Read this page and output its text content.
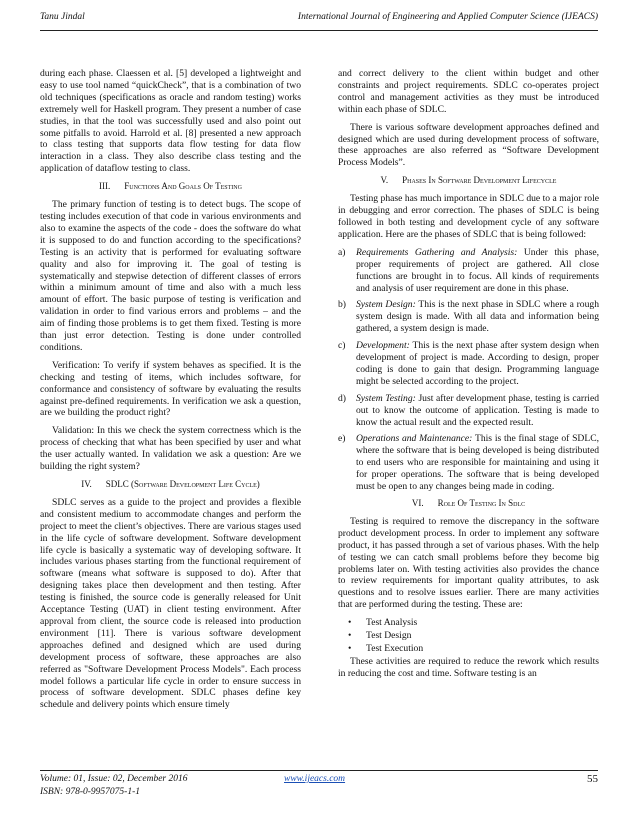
Tanu Jindal	International Journal of Engineering and Applied Computer Science (IJEACS)

during each phase. Claessen et al. [5] developed a lightweight and easy to use tool named “quickCheck”, that is a combination of two old techniques (specifications as oracle and random testing) works extremely well for Haskell program. They present a number of case studies, in that the tool was successfully used and also point out some pitfalls to avoid. Harrold et al. [8] presented a new approach to class testing that supports data flow testing for data flow interaction in a class. They also describe class testing and the application of dataflow testing to class.

III. Functions And Goals Of Testing

The primary function of testing is to detect bugs. The scope of testing includes execution of that code in various environments and also to examine the aspects of the code - does the software do what it is supposed to do and function according to the specifications? Testing is an activity that is performed for evaluating software quality and also for improving it. The goal of testing is systematically and stepwise detection of different classes of errors within a minimum amount of time and also with a much less amount of effort. The basic purpose of testing is verification and validation in order to find various errors and problems – and the aim of finding those problems is to get them fixed. Testing is more than just error detection. Testing is done under controlled conditions.

Verification: To verify if system behaves as specified. It is the checking and testing of items, which includes software, for conformance and consistency of software by evaluating the results against pre-defined requirements. In verification we ask a question, are we building the product right?

Validation: In this we check the system correctness which is the process of checking that what has been specified by user and what the user actually wanted. In validation we ask a question: Are we building the right system?

IV. SDLC (Software Development Life Cycle)

SDLC serves as a guide to the project and provides a flexible and consistent medium to accommodate changes and perform the project to meet the client’s objectives. There are various stages used in the life cycle of software development. Software development life cycle is basically a systematic way of developing software. It includes various phases starting from the functional requirement of software (means what software is supposed to do). After that designing takes place then development and then testing. After testing is finished, the source code is generally released for Unit Acceptance Testing (UAT) in client testing environment. After approval from client, the source code is released into production environment [11]. There is various software development approaches defined and designed which are used during development process of software, these approaches are also referred as "Software Development Process Models". Each process model follows a particular life cycle in order to ensure success in process of software development. SDLC phases define key schedule and delivery points which ensure timely

and correct delivery to the client within budget and other constraints and project requirements. SDLC co-operates project control and management activities as they must be introduced within each phase of SDLC.

There is various software development approaches defined and designed which are used during development process of software, these approaches are also referred as “Software Development Process Models”.

V. Phases In Software Development Lifecycle

Testing phase has much importance in SDLC due to a major role in debugging and error correction. The phases of SDLC is being followed in both testing and development cycle of any software application. Here are the phases of SDLC that is being followed:

a)	Requirements Gathering and Analysis: Under this phase, proper requirements of project are gathered. All close functions are brought in to focus. All kinds of requirements and analysis of user requirement are done in this phase.
b)	System Design: This is the next phase in SDLC where a rough system design is made. With all data and information being gathered, a system design is made.
c)	Development: This is the next phase after system design when development of project is made. According to design, proper coding is done to gain that design. Programming language might be selected according to the project.
d)	System Testing: Just after development phase, testing is carried out to know the outcome of application. Testing is made to know the actual result and the expected result.
e)	Operations and Maintenance: This is the final stage of SDLC, where the software that is being developed is being distributed to end users who are responsible for maintaining and using it for proper operations. The software that is being developed must be open to any changes being made in coding.
VI. Role Of Testing In Sdlc

Testing is required to remove the discrepancy in the software product development process. In order to implement any software product, it has passed through a set of various phases. With the help of testing we can catch small problems before they become big problems later on. With testing activities also provides the chance to review requirements for important quality attributes, to ask questions and to resolve issues earlier. There are many activities that are performed during the testing. These are:

•	Test Analysis
•	Test Design
•	Test Execution

These activities are required to reduce the rework which results in reducing the cost and time. Software testing is an

Volume: 01, Issue: 02, December 2016
ISBN: 978-0-9957075-1-1
www.ijeacs.com	55
